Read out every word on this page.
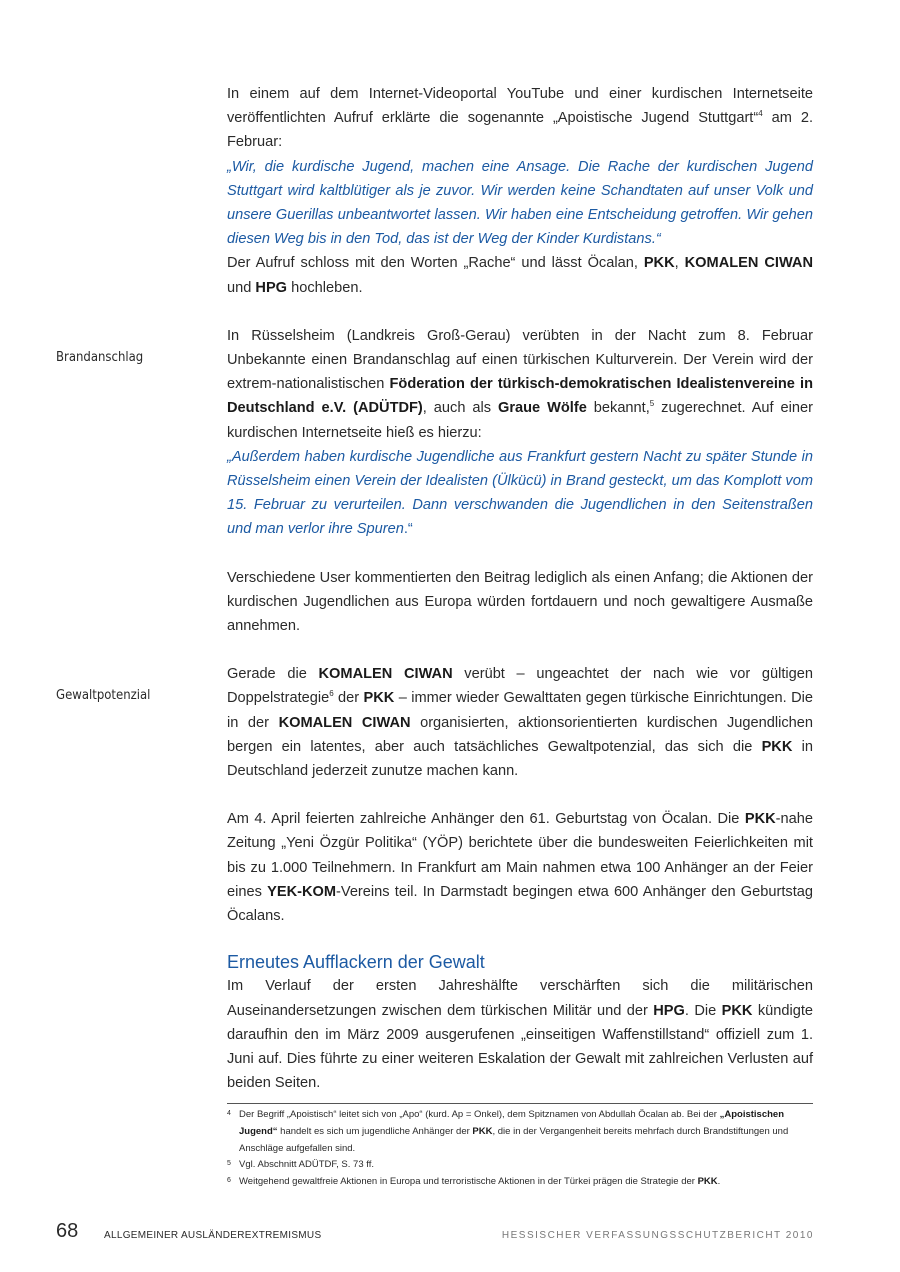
Brandanschlag
Gewaltpotenzial

In einem auf dem Internet-Videoportal YouTube und einer kurdischen Internetseite veröffentlichten Aufruf erklärte die sogenannte „Apoistische Jugend Stuttgart“$^4$ am 2. Februar:

„Wir, die kurdische Jugend, machen eine Ansage. Die Rache der kurdischen Jugend Stuttgart wird kaltblütiger als je zuvor. Wir werden keine Schandtaten auf unser Volk und unsere Guerillas unbeantwortet lassen. Wir haben eine Entscheidung getroffen. Wir gehen diesen Weg bis in den Tod, das ist der Weg der Kinder Kurdistans.“

Der Aufruf schloss mit den Worten „Rache“ und lässt Öcalan, PKK, KOMALEN CIWAN und HPG hochleben.

In Rüsselsheim (Landkreis Groß-Gerau) verübten in der Nacht zum 8. Februar Unbekannte einen Brandanschlag auf einen türkischen Kulturverein. Der Verein wird der extrem-nationalistischen Föderation der türkisch-demokratischen Idealistenvereine in Deutschland e.V. (ADÜTDF), auch als Graue Wölfe bekannt,$^5$ zugerechnet. Auf einer kurdischen Internetseite hieß es hierzu:

„Außerdem haben kurdische Jugendliche aus Frankfurt gestern Nacht zu später Stunde in Rüsselsheim einen Verein der Idealisten (Ülkücü) in Brand gesteckt, um das Komplott vom 15. Februar zu verurteilen. Dann verschwanden die Jugendlichen in den Seitenstraßen und man verlor ihre Spuren.“

Verschiedene User kommentierten den Beitrag lediglich als einen Anfang; die Aktionen der kurdischen Jugendlichen aus Europa würden fortdauern und noch gewaltigere Ausmaße annehmen.

Gerade die KOMALEN CIWAN verübt – ungeachtet der nach wie vor gültigen Doppelstrategie$^6$ der PKK – immer wieder Gewalttaten gegen türkische Einrichtungen. Die in der KOMALEN CIWAN organisierten, aktionsorientierten kurdischen Jugendlichen bergen ein latentes, aber auch tatsächliches Gewaltpotenzial, das sich die PKK in Deutschland jederzeit zunutze machen kann.

Am 4. April feierten zahlreiche Anhänger den 61. Geburtstag von Öcalan. Die PKK-nahe Zeitung „Yeni Özgür Politika“ (YÖP) berichtete über die bundesweiten Feierlichkeiten mit bis zu 1.000 Teilnehmern. In Frankfurt am Main nahmen etwa 100 Anhänger an der Feier eines YEK-KOM-Vereins teil. In Darmstadt begingen etwa 600 Anhänger den Geburtstag Öcalans.

Erneutes Aufflackern der Gewalt

Im Verlauf der ersten Jahreshälfte verschärften sich die militärischen Auseinandersetzungen zwischen dem türkischen Militär und der HPG. Die PKK kündigte daraufhin den im März 2009 ausgerufenen „einseitigen Waffenstillstand“ offiziell zum 1. Juni auf. Dies führte zu einer weiteren Eskalation der Gewalt mit zahlreichen Verlusten auf beiden Seiten.

4 Der Begriff „Apoistisch“ leitet sich von „Apo“ (kurd. Ap = Onkel), dem Spitznamen von Abdullah Öcalan ab. Bei der „Apoistischen Jugend“ handelt es sich um jugendliche Anhänger der PKK, die in der Vergangenheit bereits mehrfach durch Brandstiftungen und Anschläge aufgefallen sind.
5 Vgl. Abschnitt ADÜTDF, S. 73 ff.
6 Weitgehend gewaltfreie Aktionen in Europa und terroristische Aktionen in der Türkei prägen die Strategie der PKK.
68	ALLGEMEINER AUSLÄNDEREXTREMISMUS	HESSISCHER VERFASSUNGSSCHUTZBERICHT 2010
